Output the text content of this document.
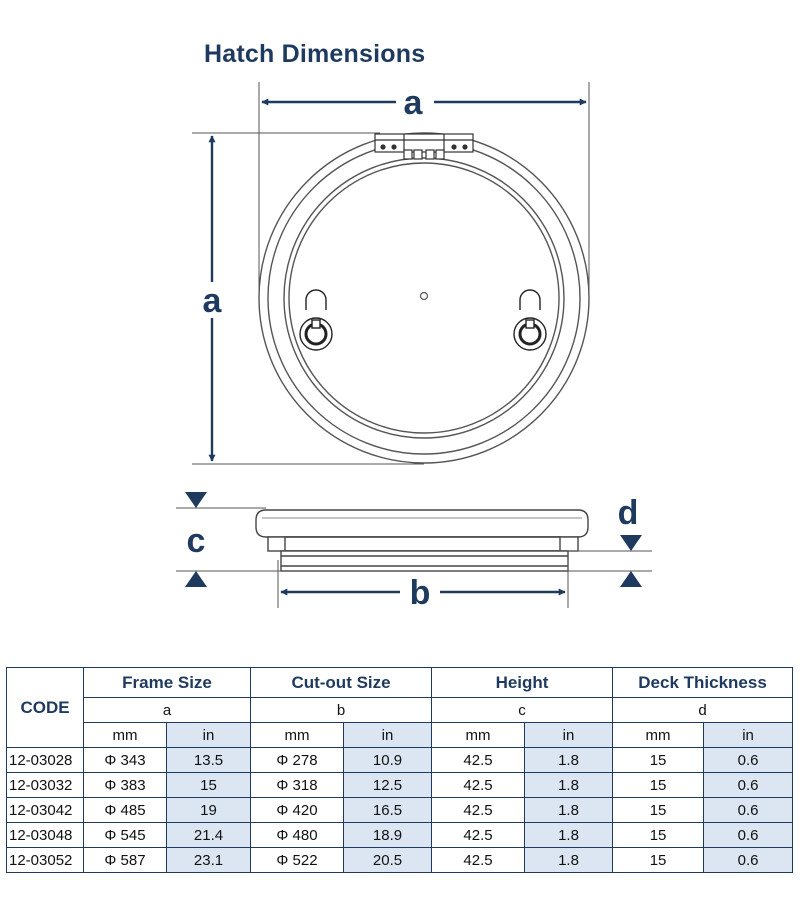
Hatch Dimensions
a
a
b
c
d
CODE	Frame Size		Cut-out Size		Height		Deck Thickness	
	a		b		c		d	
	mm	in	mm	in	mm	in	mm	in
12-03028	Φ 343	13.5	Φ 278	10.9	42.5	1.8	15	0.6
12-03032	Φ 383	15	Φ 318	12.5	42.5	1.8	15	0.6
12-03042	Φ 485	19	Φ 420	16.5	42.5	1.8	15	0.6
12-03048	Φ 545	21.4	Φ 480	18.9	42.5	1.8	15	0.6
12-03052	Φ 587	23.1	Φ 522	20.5	42.5	1.8	15	0.6
